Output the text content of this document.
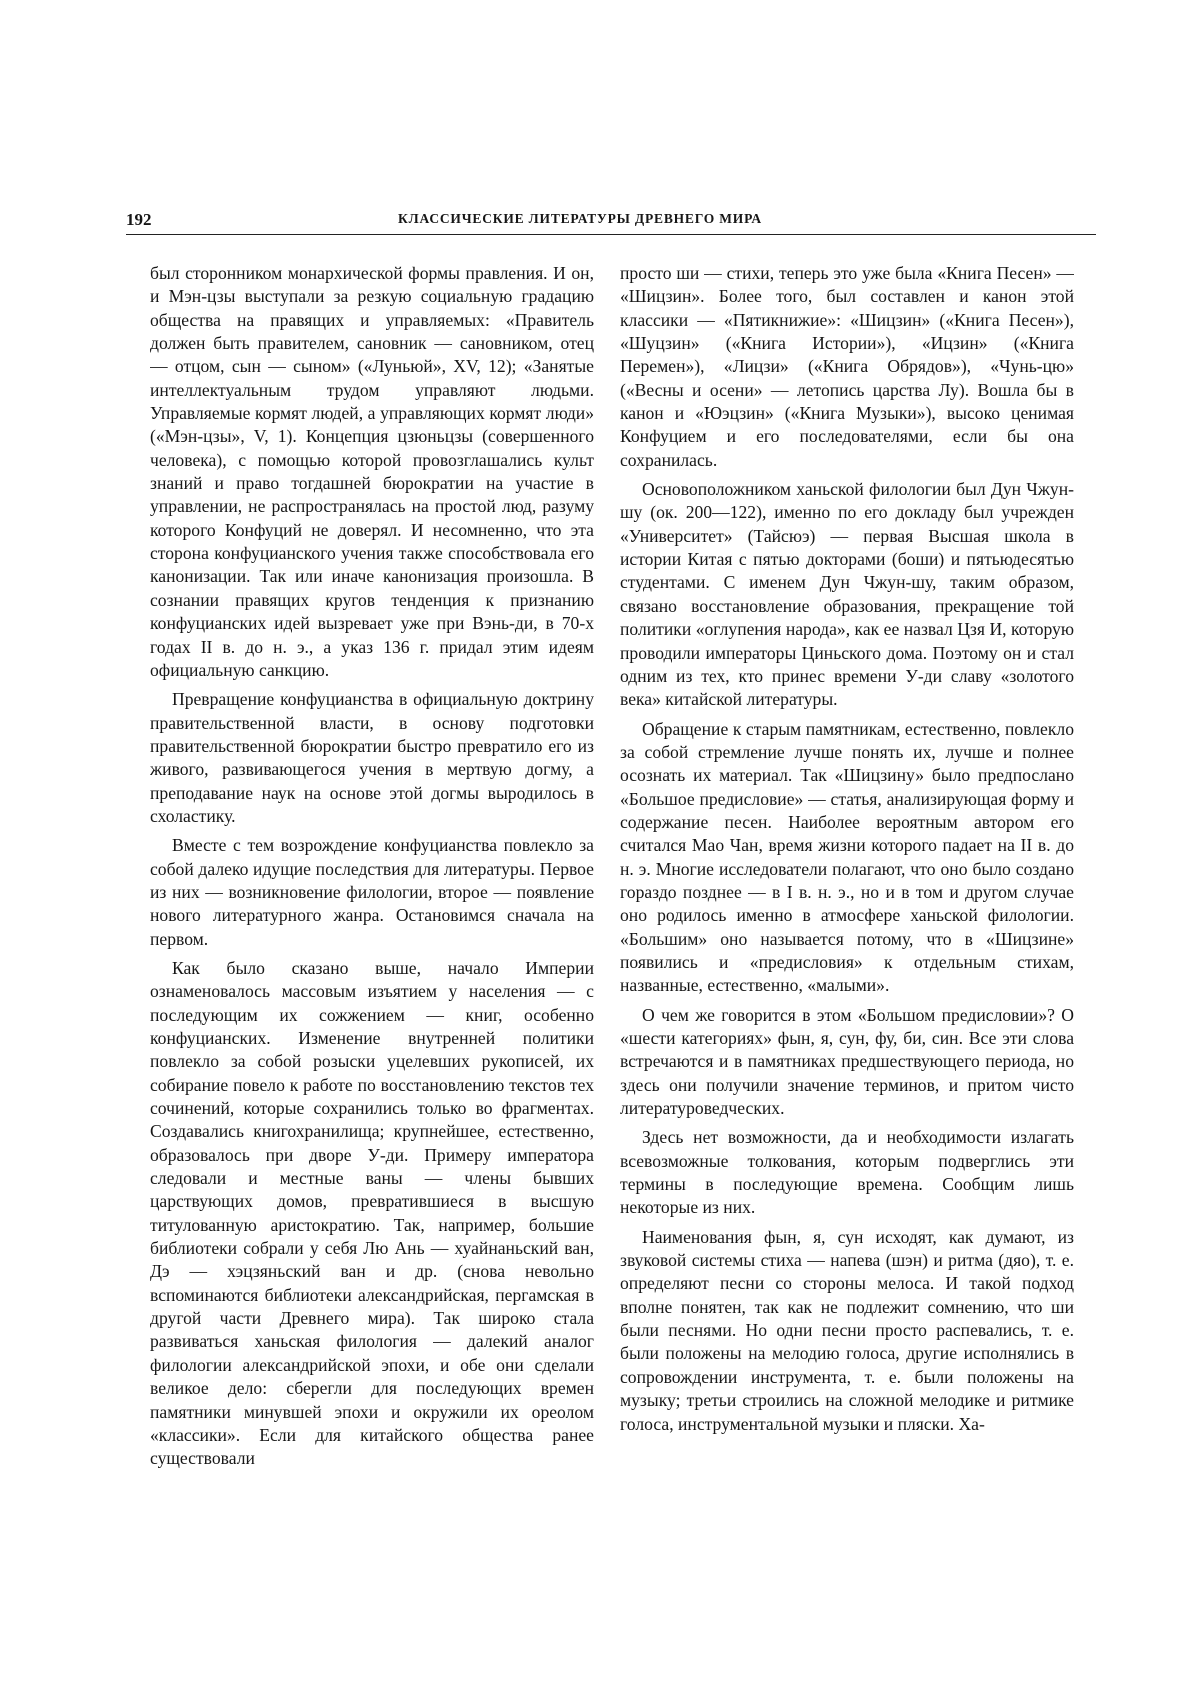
192	КЛАССИЧЕСКИЕ ЛИТЕРАТУРЫ ДРЕВНЕГО МИРА

был сторонником монархической формы правления. И он, и Мэн-цзы выступали за резкую социальную градацию общества на правящих и управляемых: «Правитель должен быть правителем, сановник — сановником, отец — отцом, сын — сыном» («Луньюй», XV, 12); «Занятые интеллектуальным трудом управляют людьми. Управляемые кормят людей, а управляющих кормят люди» («Мэн-цзы», V, 1). Концепция цзюньцзы (совершенного человека), с помощью которой провозглашались культ знаний и право тогдашней бюрократии на участие в управлении, не распространялась на простой люд, разуму которого Конфуций не доверял. И несомненно, что эта сторона конфуцианского учения также способствовала его канонизации. Так или иначе канонизация произошла. В сознании правящих кругов тенденция к признанию конфуцианских идей вызревает уже при Вэнь-ди, в 70-х годах II в. до н. э., а указ 136 г. придал этим идеям официальную санкцию.

Превращение конфуцианства в официальную доктрину правительственной власти, в основу подготовки правительственной бюрократии быстро превратило его из живого, развивающегося учения в мертвую догму, а преподавание наук на основе этой догмы выродилось в схоластику.

Вместе с тем возрождение конфуцианства повлекло за собой далеко идущие последствия для литературы. Первое из них — возникновение филологии, второе — появление нового литературного жанра. Остановимся сначала на первом.

Как было сказано выше, начало Империи ознаменовалось массовым изъятием у населения — с последующим их сожжением — книг, особенно конфуцианских. Изменение внутренней политики повлекло за собой розыски уцелевших рукописей, их собирание повело к работе по восстановлению текстов тех сочинений, которые сохранились только во фрагментах. Создавались книгохранилища; крупнейшее, естественно, образовалось при дворе У-ди. Примеру императора следовали и местные ваны — члены бывших царствующих домов, превратившиеся в высшую титулованную аристократию. Так, например, большие библиотеки собрали у себя Лю Ань — хуайнаньский ван, Дэ — хэцзяньский ван и др. (снова невольно вспоминаются библиотеки александрийская, пергамская в другой части Древнего мира). Так широко стала развиваться ханьская филология — далекий аналог филологии александрийской эпохи, и обе они сделали великое дело: сберегли для последующих времен памятники минувшей эпохи и окружили их ореолом «классики». Если для китайского общества ранее существовали

просто ши — стихи, теперь это уже была «Книга Песен» — «Шицзин». Более того, был составлен и канон этой классики — «Пятикнижие»: «Шицзин» («Книга Песен»), «Шуцзин» («Книга Истории»), «Ицзин» («Книга Перемен»), «Лицзи» («Книга Обрядов»), «Чунь-цю» («Весны и осени» — летопись царства Лу). Вошла бы в канон и «Юэцзин» («Книга Музыки»), высоко ценимая Конфуцием и его последователями, если бы она сохранилась.

Основоположником ханьской филологии был Дун Чжун-шу (ок. 200—122), именно по его докладу был учрежден «Университет» (Тайсюэ) — первая Высшая школа в истории Китая с пятью докторами (боши) и пятьюдесятью студентами. С именем Дун Чжун-шу, таким образом, связано восстановление образования, прекращение той политики «оглупения народа», как ее назвал Цзя И, которую проводили императоры Циньского дома. Поэтому он и стал одним из тех, кто принес времени У-ди славу «золотого века» китайской литературы.

Обращение к старым памятникам, естественно, повлекло за собой стремление лучше понять их, лучше и полнее осознать их материал. Так «Шицзину» было предпослано «Большое предисловие» — статья, анализирующая форму и содержание песен. Наиболее вероятным автором его считался Мао Чан, время жизни которого падает на II в. до н. э. Многие исследователи полагают, что оно было создано гораздо позднее — в I в. н. э., но и в том и другом случае оно родилось именно в атмосфере ханьской филологии. «Большим» оно называется потому, что в «Шицзине» появились и «предисловия» к отдельным стихам, названные, естественно, «малыми».

О чем же говорится в этом «Большом предисловии»? О «шести категориях» фын, я, сун, фу, би, син. Все эти слова встречаются и в памятниках предшествующего периода, но здесь они получили значение терминов, и притом чисто литературоведческих.

Здесь нет возможности, да и необходимости излагать всевозможные толкования, которым подверглись эти термины в последующие времена. Сообщим лишь некоторые из них.

Наименования фын, я, сун исходят, как думают, из звуковой системы стиха — напева (шэн) и ритма (дяо), т. е. определяют песни со стороны мелоса. И такой подход вполне понятен, так как не подлежит сомнению, что ши были песнями. Но одни песни просто распевались, т. е. были положены на мелодию голоса, другие исполнялись в сопровождении инструмента, т. е. были положены на музыку; третьи строились на сложной мелодике и ритмике голоса, инструментальной музыки и пляски. Ха-
